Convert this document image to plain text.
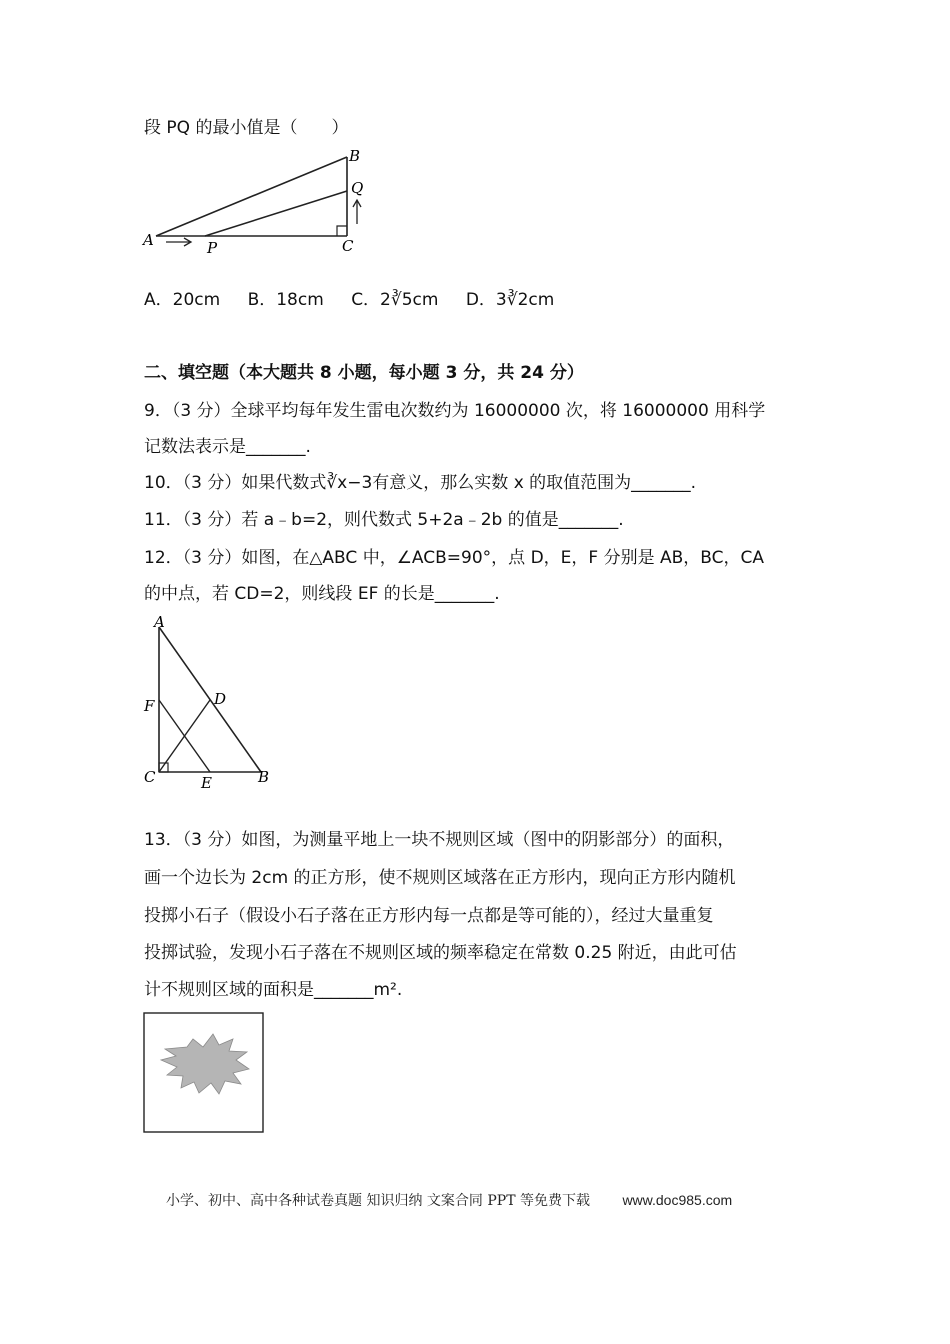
段 PQ 的最小值是（　　）
A
B
C
P
Q
A．20cm B．18cm C．2∛5cm D．3∛2cm
二、填空题（本大题共 8 小题，每小题 3 分，共 24 分）
9．（3 分）全球平均每年发生雷电次数约为 16000000 次，将 16000000 用科学
记数法表示是_______.
10．（3 分）如果代数式∛x−3有意义，那么实数 x 的取值范围为_______.
11．（3 分）若 a﹣b=2，则代数式 5+2a﹣2b 的值是_______.
12．（3 分）如图，在△ABC 中，∠ACB=90°，点 D，E，F 分别是 AB，BC，CA
的中点，若 CD=2，则线段 EF 的长是_______.
A
B
C
D
E
F
13．（3 分）如图，为测量平地上一块不规则区域（图中的阴影部分）的面积，
画一个边长为 2cm 的正方形，使不规则区域落在正方形内，现向正方形内随机
投掷小石子（假设小石子落在正方形内每一点都是等可能的），经过大量重复
投掷试验，发现小石子落在不规则区域的频率稳定在常数 0.25 附近，由此可估
计不规则区域的面积是_______m².
小学、初中、高中各种试卷真题 知识归纳 文案合同 PPT 等免费下载 www.doc985.com
